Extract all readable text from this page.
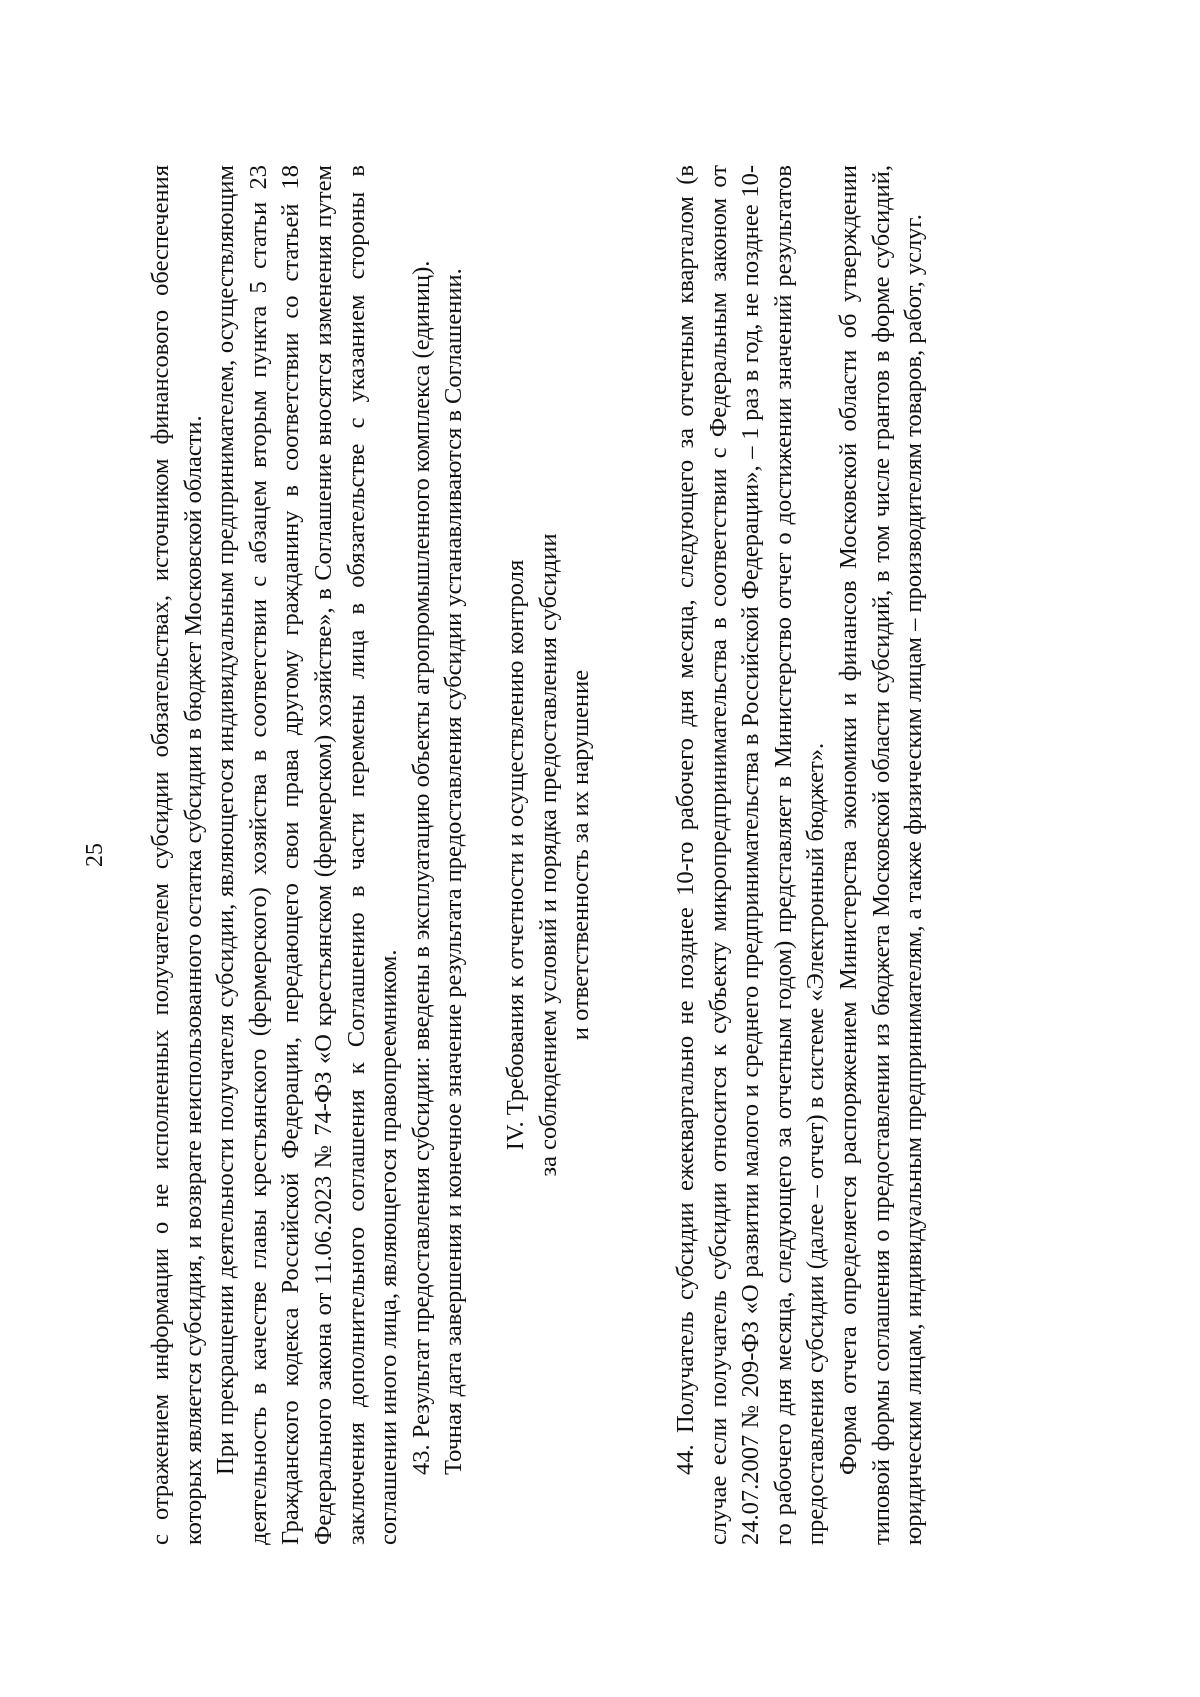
25 с отражением информации о не исполненных получателем субсидии обязательствах, источником финансового обеспечения которых является субсидия, и возврате неиспользованного остатка субсидии в бюджет Московской области. При прекращении деятельности получателя субсидии, являющегося индивидуальным предпринимателем, осуществляющим деятельность в качестве главы крестьянского (фермерского) хозяйства в соответствии с абзацем вторым пункта 5 статьи 23 Гражданского кодекса Российской Федерации, передающего свои права другому гражданину в соответствии со статьей 18 Федерального закона от 11.06.2023 № 74-ФЗ «О крестьянском (фермерском) хозяйстве», в Соглашение вносятся изменения путем заключения дополнительного соглашения к Соглашению в части перемены лица в обязательстве с указанием стороны в соглашении иного лица, являющегося правопреемником. 43. Результат предоставления субсидии: введены в эксплуатацию объекты агропромышленного комплекса (единиц). Точная дата завершения и конечное значение результата предоставления субсидии устанавливаются в Соглашении. IV. Требования к отчетности и осуществлению контроля за соблюдением условий и порядка предоставления субсидии и ответственность за их нарушение	44. Получатель субсидии ежеквартально не позднее 10-го рабочего дня месяца, следующего за отчетным кварталом (в случае если получатель субсидии относится к субъекту микропредпринимательства в соответствии с Федеральным законом от 24.07.2007 № 209-ФЗ «О развитии малого и среднего предпринимательства в Российской Федерации», – 1 раз в год, не позднее 10-го рабочего дня месяца, следующего за отчетным годом) представляет в Министерство отчет о достижении значений результатов предоставления субсидии (далее – отчет) в системе «Электронный бюджет». Форма отчета определяется распоряжением Министерства экономики и финансов Московской области об утверждении типовой формы соглашения о предоставлении из бюджета Московской области субсидий, в том числе грантов в форме субсидий, юридическим лицам, индивидуальным предпринимателям, а также физическим лицам – производителям товаров, работ, услуг.
